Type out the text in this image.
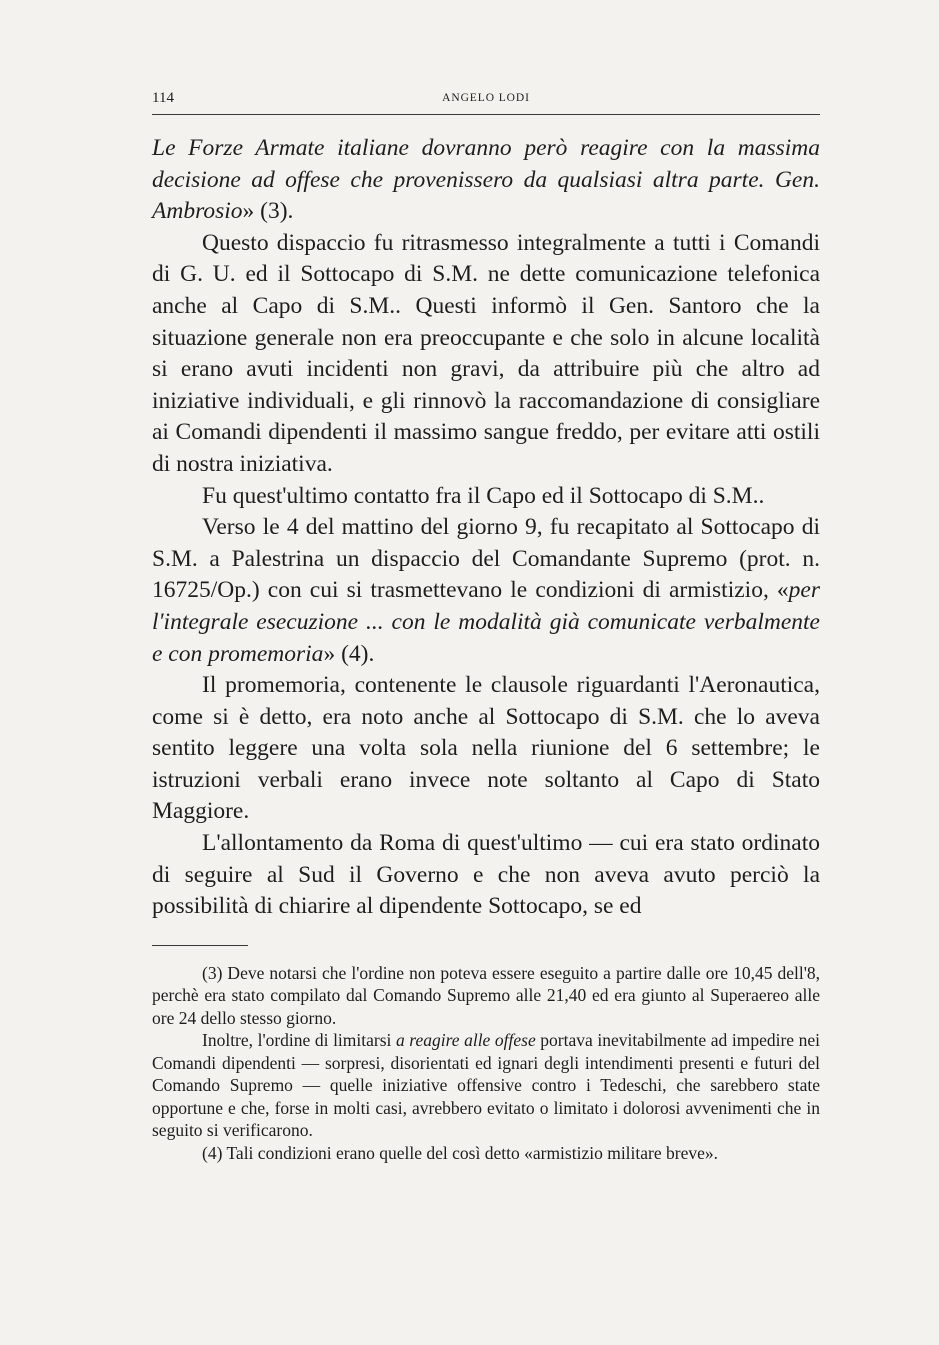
114	ANGELO LODI

Le Forze Armate italiane dovranno però reagire con la massima decisione ad offese che provenissero da qualsiasi altra parte. Gen. Ambrosio» (3).

Questo dispaccio fu ritrasmesso integralmente a tutti i Comandi di G. U. ed il Sottocapo di S.M. ne dette comunicazione telefonica anche al Capo di S.M.. Questi informò il Gen. Santoro che la situazione generale non era preoccupante e che solo in alcune località si erano avuti incidenti non gravi, da attribuire più che altro ad iniziative individuali, e gli rinnovò la raccomandazione di consigliare ai Comandi dipendenti il massimo sangue freddo, per evitare atti ostili di nostra iniziativa.

Fu quest'ultimo contatto fra il Capo ed il Sottocapo di S.M..

Verso le 4 del mattino del giorno 9, fu recapitato al Sottocapo di S.M. a Palestrina un dispaccio del Comandante Supremo (prot. n. 16725/Op.) con cui si trasmettevano le condizioni di armistizio, «per l'integrale esecuzione ... con le modalità già comunicate verbalmente e con promemoria» (4).

Il promemoria, contenente le clausole riguardanti l'Aeronautica, come si è detto, era noto anche al Sottocapo di S.M. che lo aveva sentito leggere una volta sola nella riunione del 6 settembre; le istruzioni verbali erano invece note soltanto al Capo di Stato Maggiore.

L'allontamento da Roma di quest'ultimo — cui era stato ordinato di seguire al Sud il Governo e che non aveva avuto perciò la possibilità di chiarire al dipendente Sottocapo, se ed

(3) Deve notarsi che l'ordine non poteva essere eseguito a partire dalle ore 10,45 dell'8, perchè era stato compilato dal Comando Supremo alle 21,40 ed era giunto al Superaereo alle ore 24 dello stesso giorno.

Inoltre, l'ordine di limitarsi a reagire alle offese portava inevitabilmente ad impedire nei Comandi dipendenti — sorpresi, disorientati ed ignari degli intendimenti presenti e futuri del Comando Supremo — quelle iniziative offensive contro i Tedeschi, che sarebbero state opportune e che, forse in molti casi, avrebbero evitato o limitato i dolorosi avvenimenti che in seguito si verificarono.

(4) Tali condizioni erano quelle del così detto «armistizio militare breve».
